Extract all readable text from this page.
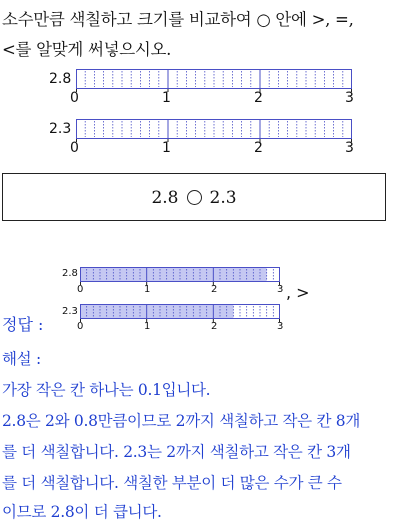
소수만큼 색칠하고 크기를 비교하여 ○ 안에 >, =,
<를 알맞게 써넣으시오.
2.8
0	1	2	3
2.3
0	1	2	3
2.8 2.3
2.8
0	1	2	3 , >
정답 :
2.3
0	1	2	3
해설 :
가장 작은 칸 하나는 0.1입니다.
2.8은 2와 0.8만큼이므로 2까지 색칠하고 작은 칸 8개
를 더 색칠합니다. 2.3는 2까지 색칠하고 작은 칸 3개
를 더 색칠합니다. 색칠한 부분이 더 많은 수가 큰 수
이므로 2.8이 더 큽니다.
